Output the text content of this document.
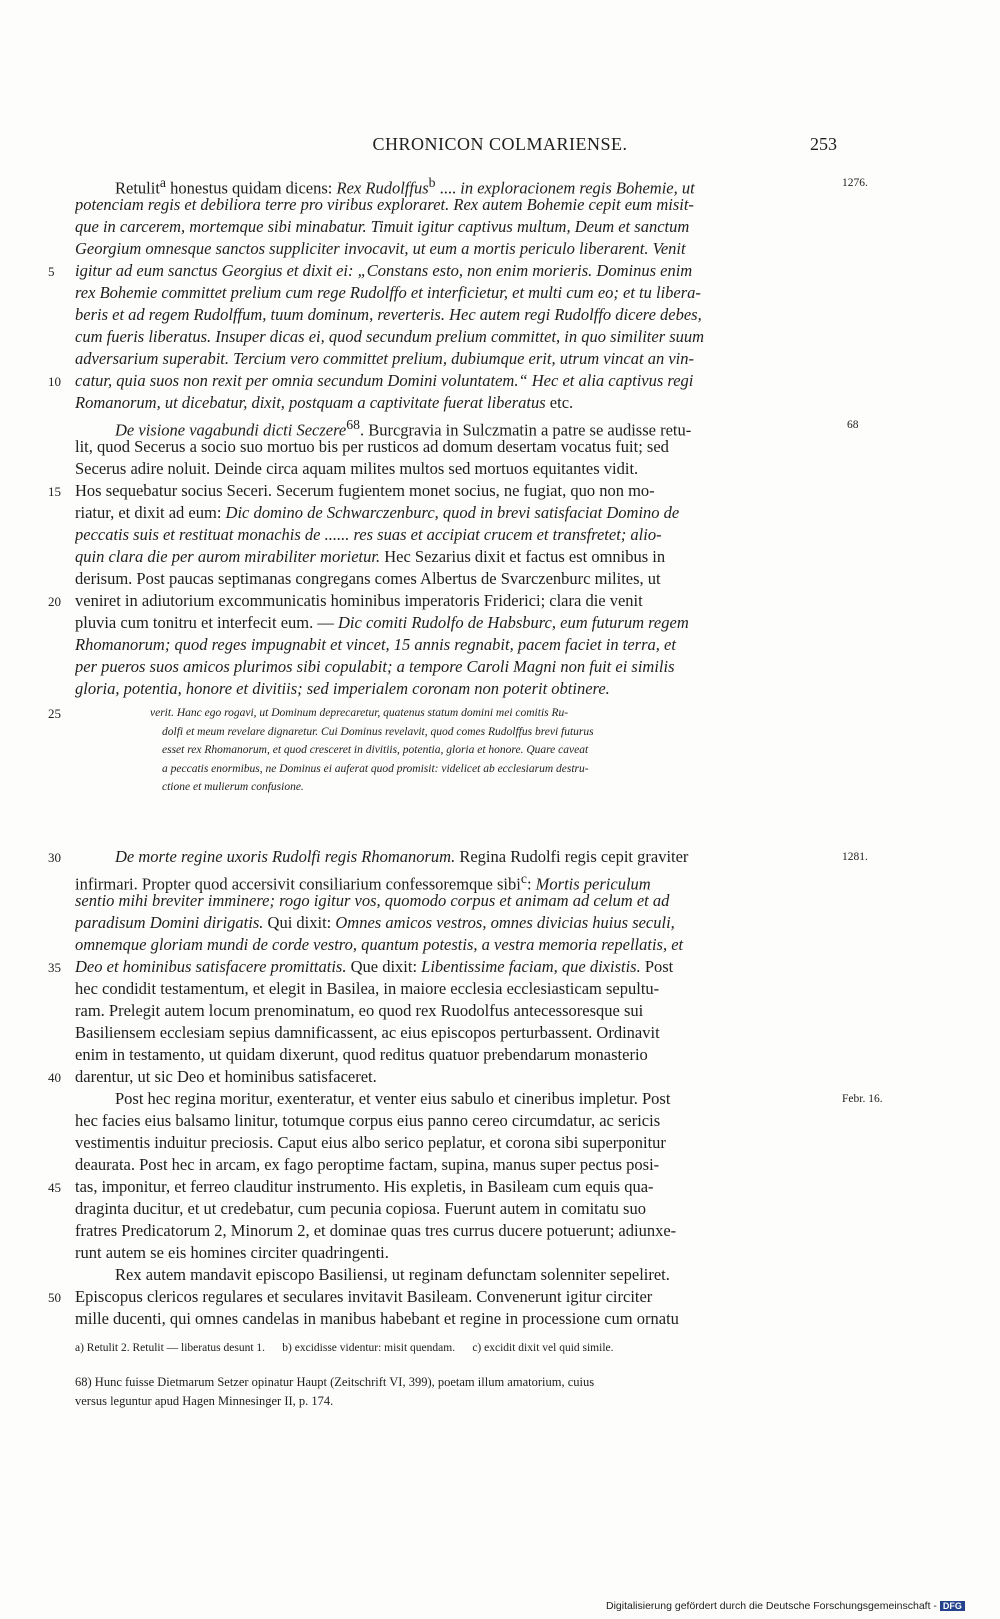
CHRONICON COLMARIENSE.	253
Retulit$^a$ honestus quidam dicens: Rex Rudolffus$^b$ .... in exploracionem regis Bohemie, ut
potenciam regis et debiliora terre pro viribus exploraret. Rex autem Bohemie cepit eum misit-
que in carcerem, mortemque sibi minabatur. Timuit igitur captivus multum, Deum et sanctum
Georgium omnesque sanctos suppliciter invocavit, ut eum a mortis periculo liberarent. Venit
igitur ad eum sanctus Georgius et dixit ei: „Constans esto, non enim morieris. Dominus enim
rex Bohemie committet prelium cum rege Rudolffo et interficietur, et multi cum eo; et tu libera-
beris et ad regem Rudolffum, tuum dominum, reverteris. Hec autem regi Rudolffo dicere debes,
cum fueris liberatus. Insuper dicas ei, quod secundum prelium committet, in quo similiter suum
adversarium superabit. Tercium vero committet prelium, dubiumque erit, utrum vincat an vin-
catur, quia suos non rexit per omnia secundum Domini voluntatem.“ Hec et alia captivus regi
Romanorum, ut dicebatur, dixit, postquam a captivitate fuerat liberatus etc.
De visione vagabundi dicti Seczere$^{68}$. Burcgravia in Sulczmatin a patre se audisse retu-
lit, quod Secerus a socio suo mortuo bis per rusticos ad domum desertam vocatus fuit; sed
Secerus adire noluit. Deinde circa aquam milites multos sed mortuos equitantes vidit.
Hos sequebatur socius Seceri. Secerum fugientem monet socius, ne fugiat, quo non mo-
riatur, et dixit ad eum: Dic domino de Schwarczenburc, quod in brevi satisfaciat Domino de
peccatis suis et restituat monachis de ...... res suas et accipiat crucem et transfretet; alio-
quin clara die per aurom mirabiliter morietur. Hec Sezarius dixit et factus est omnibus in
derisum. Post paucas septimanas congregans comes Albertus de Svarczenburc milites, ut
veniret in adiutorium excommunicatis hominibus imperatoris Friderici; clara die venit
pluvia cum tonitru et interfecit eum. — Dic comiti Rudolfo de Habsburc, eum futurum regem
Rhomanorum; quod reges impugnabit et vincet, 15 annis regnabit, pacem faciet in terra, et
per pueros suos amicos plurimos sibi copulabit; a tempore Caroli Magni non fuit ei similis
gloria, potentia, honore et divitiis; sed imperialem coronam non poterit obtinere.
verit. Hanc ego rogavi, ut Dominum deprecaretur, quatenus statum domini mei comitis Ru-
dolfi et meum revelare dignaretur. Cui Dominus revelavit, quod comes Rudolffus brevi futurus
esset rex Rhomanorum, et quod cresceret in divitiis, potentia, gloria et honore. Quare caveat
a peccatis enormibus, ne Dominus ei auferat quod promisit: videlicet ab ecclesiarum destru-
ctione et mulierum confusione.
De morte regine uxoris Rudolfi regis Rhomanorum. Regina Rudolfi regis cepit graviter
infirmari. Propter quod accersivit consiliarium confessoremque sibi$^c$: Mortis periculum
sentio mihi breviter imminere; rogo igitur vos, quomodo corpus et animam ad celum et ad
paradisum Domini dirigatis. Qui dixit: Omnes amicos vestros, omnes divicias huius seculi,
omnemque gloriam mundi de corde vestro, quantum potestis, a vestra memoria repellatis, et
Deo et hominibus satisfacere promittatis. Que dixit: Libentissime faciam, que dixistis. Post
hec condidit testamentum, et elegit in Basilea, in maiore ecclesia ecclesiasticam sepultu-
ram. Prelegit autem locum prenominatum, eo quod rex Ruodolfus antecessoresque sui
Basiliensem ecclesiam sepius damnificassent, ac eius episcopos perturbassent. Ordinavit
enim in testamento, ut quidam dixerunt, quod reditus quatuor prebendarum monasterio
darentur, ut sic Deo et hominibus satisfaceret.
Post hec regina moritur, exenteratur, et venter eius sabulo et cineribus impletur. Post
hec facies eius balsamo linitur, totumque corpus eius panno cereo circumdatur, ac sericis
vestimentis induitur preciosis. Caput eius albo serico peplatur, et corona sibi superponitur
deaurata. Post hec in arcam, ex fago peroptime factam, supina, manus super pectus posi-
tas, imponitur, et ferreo clauditur instrumento. His expletis, in Basileam cum equis qua-
draginta ducitur, et ut credebatur, cum pecunia copiosa. Fuerunt autem in comitatu suo
fratres Predicatorum 2, Minorum 2, et dominae quas tres currus ducere potuerunt; adiunxe-
runt autem se eis homines circiter quadringenti.
Rex autem mandavit episcopo Basiliensi, ut reginam defunctam solenniter sepeliret.
Episcopus clericos regulares et seculares invitavit Basileam. Convenerunt igitur circiter
mille ducenti, qui omnes candelas in manibus habebant et regine in processione cum ornatu
5
10
15
20
25
30
35
40
45
50
1276.
68
1281.
Febr. 16.
a) Retulit 2. Retulit — liberatus desunt 1.      b) excidisse videntur: misit quendam.      c) excidit dixit vel quid simile.
68) Hunc fuisse Dietmarum Setzer opinatur Haupt (Zeitschrift VI, 399), poetam illum amatorium, cuius
versus leguntur apud Hagen Minnesinger II, p. 174.
Digitalisierung gefördert durch die Deutsche Forschungsgemeinschaft - DFG
